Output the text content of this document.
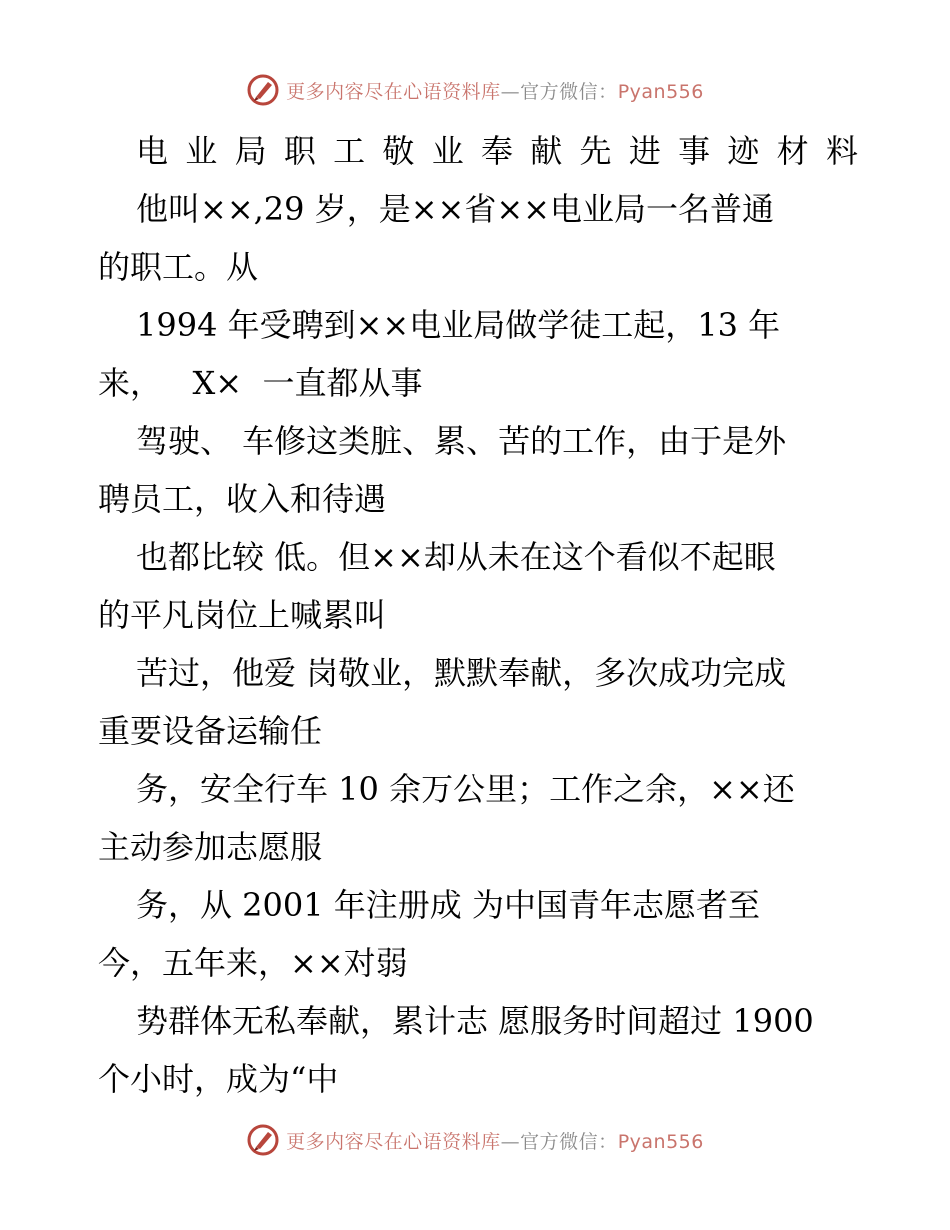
更多内容尽在心语资料库—官方微信：Pyan556
电 业 局 职 工 敬 业 奉 献 先 进 事 迹 材 料
他叫××,29 岁，是××省××电业局一名普通
的职工。从
1994 年受聘到××电业局做学徒工起，13 年
来，   X×  一直都从事
驾驶、 车修这类脏、累、苦的工作，由于是外
聘员工，收入和待遇
也都比较 低。但××却从未在这个看似不起眼
的平凡岗位上喊累叫
苦过，他爱 岗敬业，默默奉献，多次成功完成
重要设备运输任
务，安全行车 10 余万公里；工作之余，××还
主动参加志愿服
务，从 2001 年注册成 为中国青年志愿者至
今，五年来，××对弱
势群体无私奉献，累计志 愿服务时间超过 1900
个小时，成为“中
更多内容尽在心语资料库—官方微信：Pyan556
